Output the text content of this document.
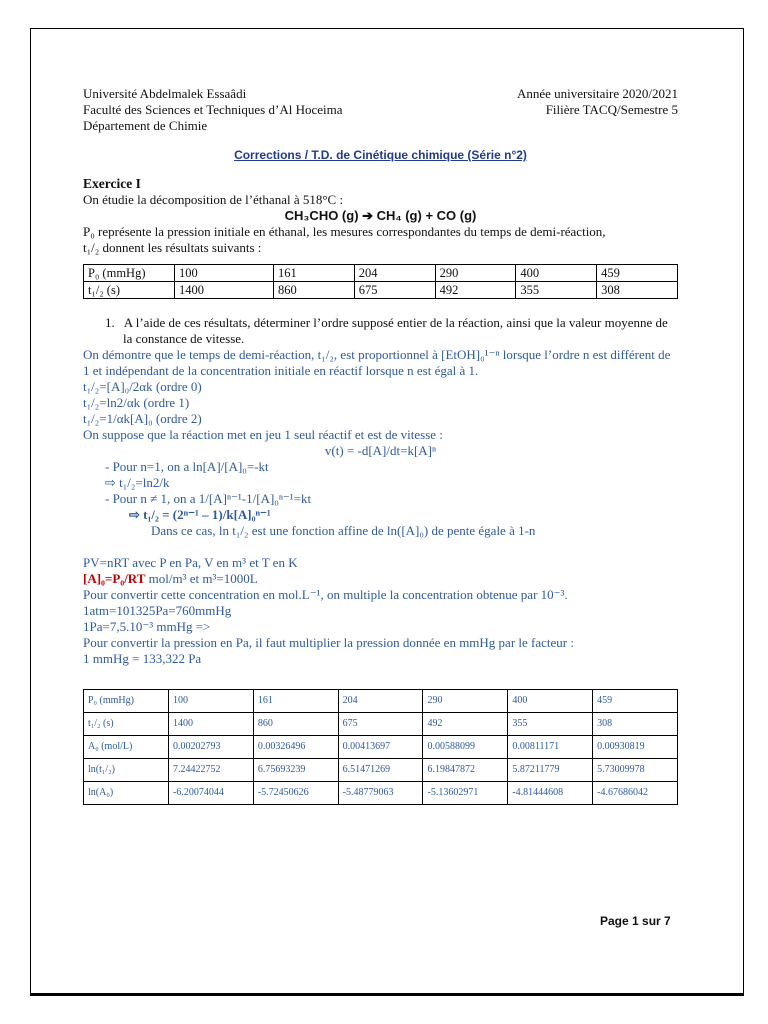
Université Abdelmalek Essaâdi
Faculté des Sciences et Techniques d’Al Hoceima
Département de Chimie
Année universitaire 2020/2021
Filière TACQ/Semestre 5
Corrections / T.D. de Cinétique chimique (Série n°2)
Exercice I
On étudie la décomposition de l’éthanal à 518°C :
CH₃CHO (g) ➔ CH₄ (g) + CO (g)
P₀ représente la pression initiale en éthanal, les mesures correspondantes du temps de demi-réaction,
t₁/₂ donnent les résultats suivants :
P₀ (mmHg)	100	161	204	290	400	459
t₁/₂ (s)	1400	860	675	492	355	308
1. A l’aide de ces résultats, déterminer l’ordre supposé entier de la réaction, ainsi que la valeur moyenne de la constance de vitesse.
On démontre que le temps de demi-réaction, t₁/₂, est proportionnel à [EtOH]₀¹⁻ⁿ lorsque l’ordre n est différent de 1 et indépendant de la concentration initiale en réactif lorsque n est égal à 1.
t₁/₂=[A]₀/2αk (ordre 0)
t₁/₂=ln2/αk (ordre 1)
t₁/₂=1/αk[A]₀ (ordre 2)
On suppose que la réaction met en jeu 1 seul réactif et est de vitesse :
v(t) = -d[A]/dt=k[A]ⁿ
- Pour n=1, on a ln[A]/[A]₀=-kt
⇨ t₁/₂=ln2/k
- Pour n ≠ 1, on a 1/[A]ⁿ⁻¹-1/[A]₀ⁿ⁻¹=kt
⇨ t₁/₂ = (2ⁿ⁻¹ – 1)/k[A]₀ⁿ⁻¹
Dans ce cas, ln t₁/₂ est une fonction affine de ln([A]₀) de pente égale à 1-n
PV=nRT avec P en Pa, V en m³ et T en K
[A]₀=P₀/RT mol/m³ et m³=1000L
Pour convertir cette concentration en mol.L⁻¹, on multiple la concentration obtenue par 10⁻³.
1atm=101325Pa=760mmHg
1Pa=7,5.10⁻³ mmHg =>
Pour convertir la pression en Pa, il faut multiplier la pression donnée en mmHg par le facteur :
1 mmHg = 133,322 Pa
P₀ (mmHg)	100	161	204	290	400	459
t₁/₂ (s)	1400	860	675	492	355	308
A₀ (mol/L)	0.00202793	0.00326496	0.00413697	0.00588099	0.00811171	0.00930819
ln(t₁/₂)	7.24422752	6.75693239	6.51471269	6.19847872	5.87211779	5.73009978
ln(A₀)	-6.20074044	-5.72450626	-5.48779063	-5.13602971	-4.81444608	-4.67686042
Page 1 sur 7
